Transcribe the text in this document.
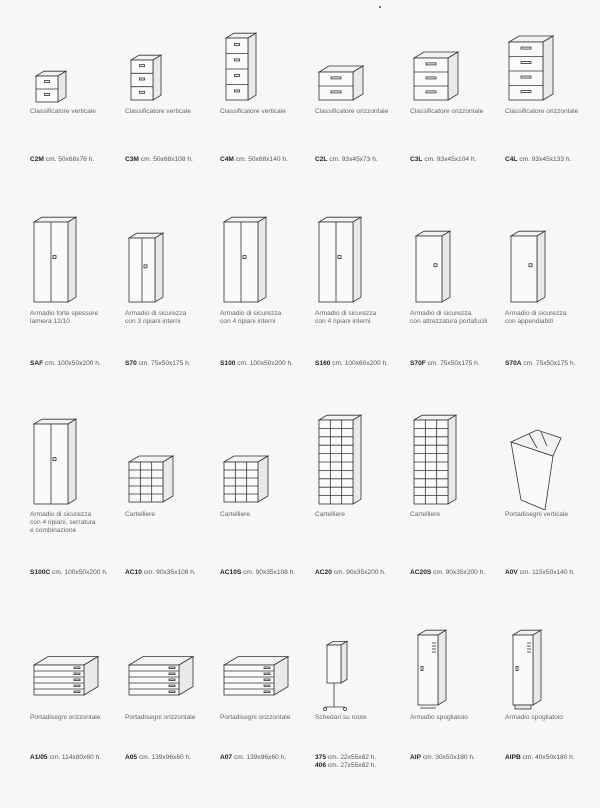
Classificatore verticale
C2M cm. 50x68x76 h.
Classificatore verticale
C3M cm. 50x68x108 h.
Classificatore verticale
C4M cm. 50x68x140 h.
Classificatore orizzontale
C2L cm. 93x45x73 h.
Classificatore orizzontale
C3L cm. 93x45x104 h.
Classificatore orizzontale
C4L cm. 93x45x133 h.
Armadio forte spessore
lamiera 12/10
SAF cm. 100x50x200 h.
Armadio di sicurezza
con 3 ripiani interni
S70 cm. 75x50x175 h.
Armadio di sicurezza
con 4 ripiani interni
S100 cm. 100x50x200 h.
Armadio di sicurezza
con 4 ripiani interni
S160 cm. 100x60x200 h.
Armadio di sicurezza
con attrezzatura portafucili
S70F cm. 75x50x175 h.
Armadio di sicurezza
con appendiabiti
S70A cm. 75x50x175 h.
Armadio di sicurezza
con 4 ripiani, serratura
e combinazione
S100C cm. 100x50x200 h.
Cartelliere
AC10 cm. 90x35x108 h.
Cartelliere
AC10S cm. 90x35x108 h.
Cartelliere
AC20 cm. 90x35x200 h.
Cartelliere
AC20S cm. 90x35x200 h.
Portadisegni verticale
A0V cm. 115x50x140 h.
Portadisegni orizzontale
A1/05 cm. 114x80x60 h.
Portadisegni orizzontale
A05 cm. 139x96x60 h.
Portadisegni orizzontale
A07 cm. 139x96x60 h.
Schedari su ruote
375 cm. 22x55x82 h.
406 cm. 27x55x82 h.
Armadio spogliatoio
AIP cm. 30x50x180 h.
Armadio spogliatoio
AIPB cm. 40x50x180 h.
